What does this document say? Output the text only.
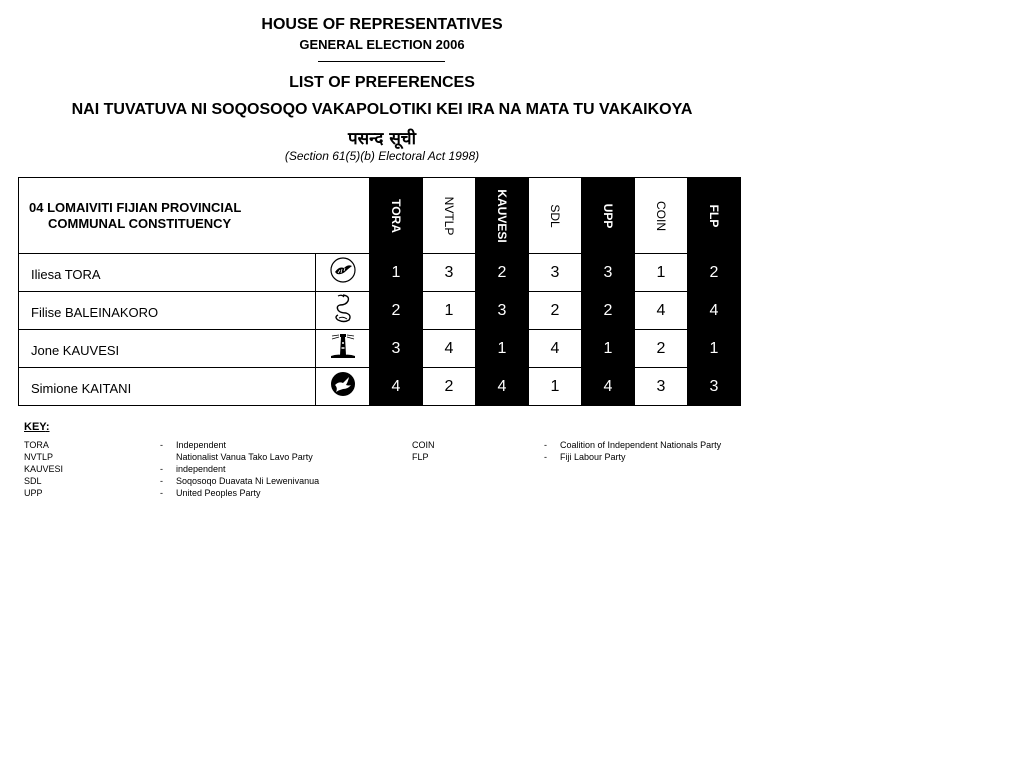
HOUSE OF REPRESENTATIVES
GENERAL ELECTION 2006
LIST OF PREFERENCES
NAI TUVATUVA NI SOQOSOQO VAKAPOLOTIKI KEI IRA NA MATA TU VAKAIKOYA
पसन्द सूची
(Section 61(5)(b) Electoral Act 1998)
04 LOMAIVITI FIJIAN PROVINCIAL
COMMUNAL CONSTITUENCY		TORA	NVTLP	KAUVESI	SDL	UPP	COIN	FLP

Iliesa TORA		1	3	2	3	3	1	2
Filise BALEINAKORO		2	1	3	2	2	4	4
Jone KAUVESI		3	4	1	4	1	2	1
Simione KAITANI		4	2	4	1	4	3	3
KEY:
TORA	- Independent
NVTLP	Nationalist Vanua Tako Lavo Party
KAUVESI	- independent
SDL	- Soqosoqo Duavata Ni Lewenivanua
UPP	- United Peoples Party
COIN	- Coalition of Independent Nationals Party
FLP	- Fiji Labour Party
